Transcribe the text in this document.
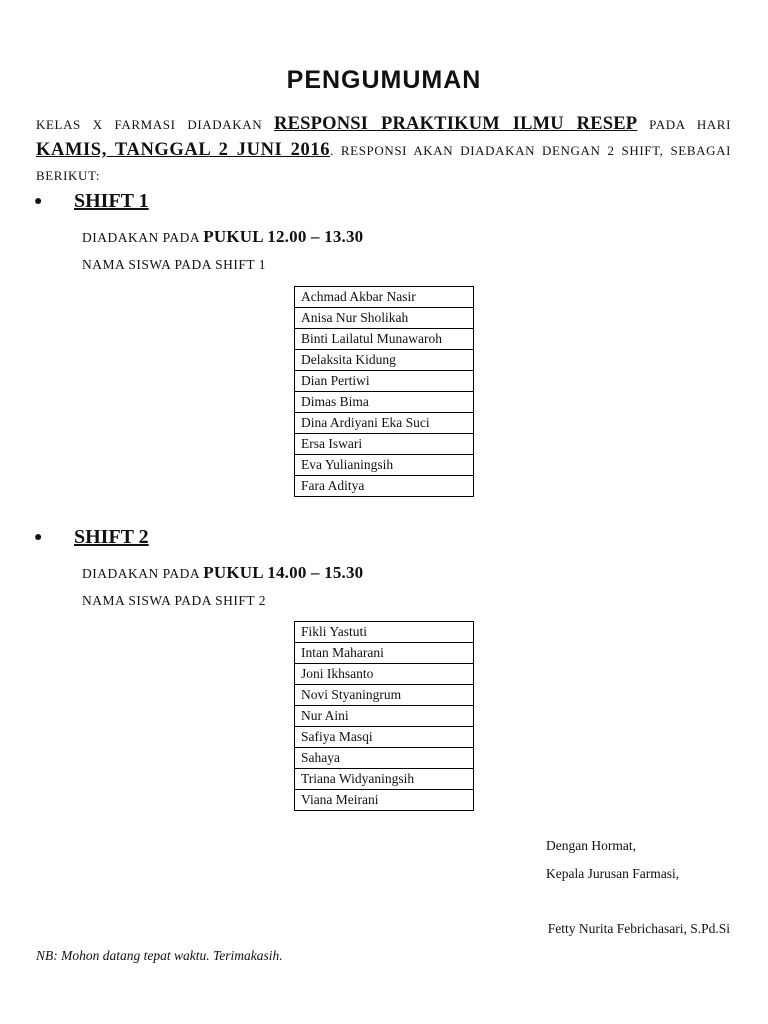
PENGUMUMAN
KELAS X FARMASI DIADAKAN RESPONSI PRAKTIKUM ILMU RESEP PADA HARI KAMIS, TANGGAL 2 JUNI 2016. RESPONSI AKAN DIADAKAN DENGAN 2 SHIFT, SEBAGAI BERIKUT:
● SHIFT 1
DIADAKAN PADA PUKUL 12.00 – 13.30
NAMA SISWA PADA SHIFT 1
Achmad Akbar Nasir
Anisa Nur Sholikah
Binti Lailatul Munawaroh
Delaksita Kidung
Dian Pertiwi
Dimas Bima
Dina Ardiyani Eka Suci
Ersa Iswari
Eva Yulianingsih
Fara Aditya
● SHIFT 2
DIADAKAN PADA PUKUL 14.00 – 15.30
NAMA SISWA PADA SHIFT 2
Fikli Yastuti
Intan Maharani
Joni Ikhsanto
Novi Styaningrum
Nur Aini
Safiya Masqi
Sahaya
Triana Widyaningsih
Viana Meirani
Dengan Hormat,
Kepala Jurusan Farmasi,
Fetty Nurita Febrichasari, S.Pd.Si
NB: Mohon datang tepat waktu. Terimakasih.
